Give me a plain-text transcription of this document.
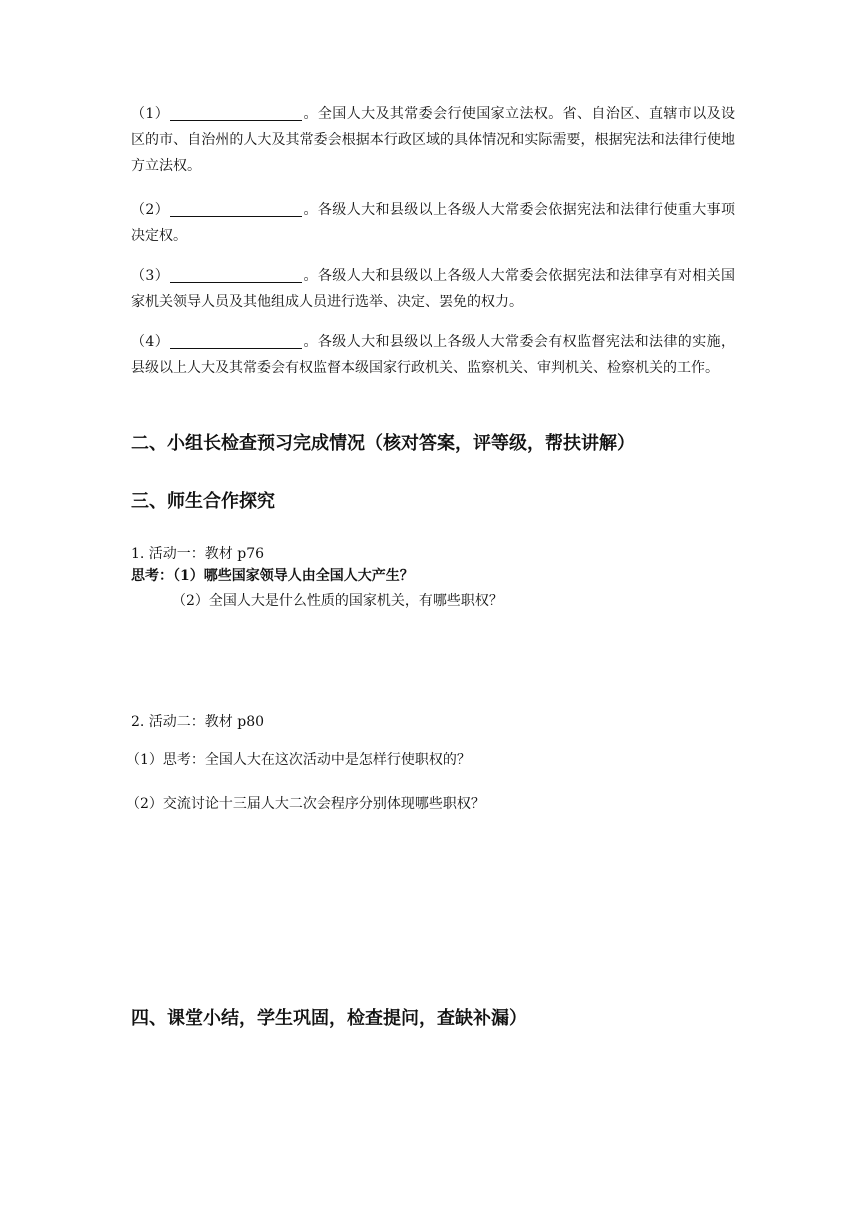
（1）	。全国人大及其常委会行使国家立法权。省、自治区、直辖市以及设区的市、自治州的人大及其常委会根据本行政区域的具体情况和实际需要，根据宪法和法律行使地方立法权。
（2）	。各级人大和县级以上各级人大常委会依据宪法和法律行使重大事项决定权。
（3）	。各级人大和县级以上各级人大常委会依据宪法和法律享有对相关国家机关领导人员及其他组成人员进行选举、决定、罢免的权力。
（4）	。各级人大和县级以上各级人大常委会有权监督宪法和法律的实施，县级以上人大及其常委会有权监督本级国家行政机关、监察机关、审判机关、检察机关的工作。
二、小组长检查预习完成情况（核对答案，评等级，帮扶讲解）
三、师生合作探究
1. 活动一：教材 p76
思考：（1）哪些国家领导人由全国人大产生？
（2）全国人大是什么性质的国家机关，有哪些职权？
2. 活动二：教材 p80
（1）思考：全国人大在这次活动中是怎样行使职权的？
（2）交流讨论十三届人大二次会程序分别体现哪些职权？
四、课堂小结，学生巩固，检查提问，查缺补漏）
